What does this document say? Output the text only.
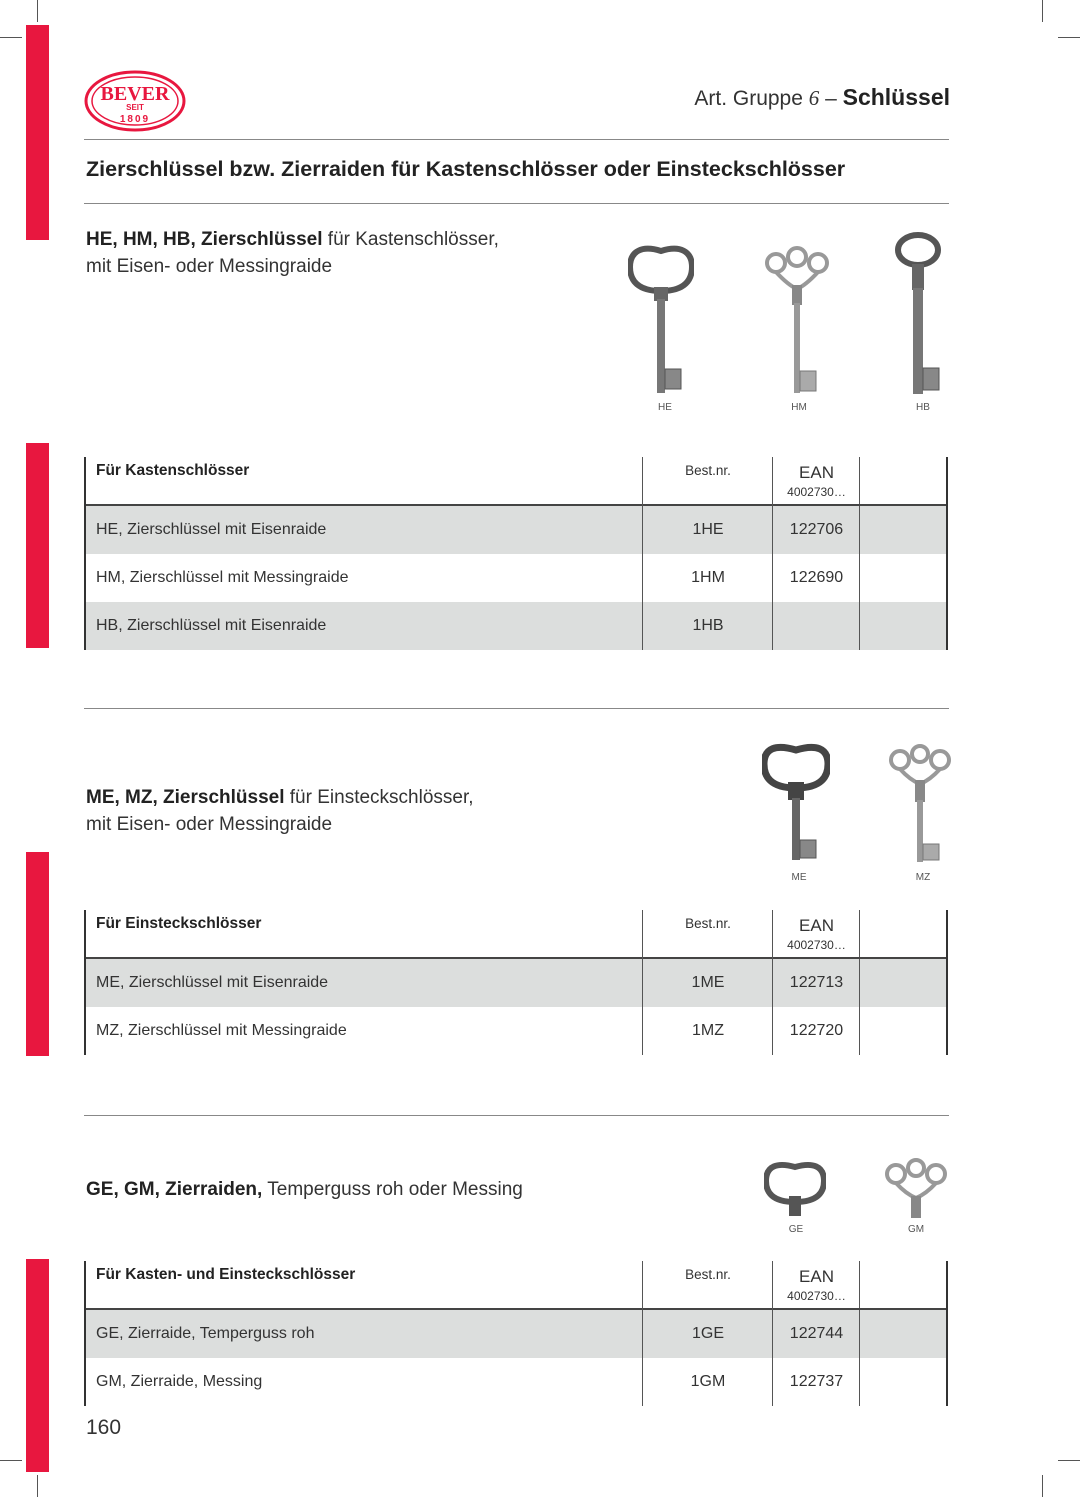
BEVER
SEIT
1809
Art. Gruppe 6 – Schlüssel
Zierschlüssel bzw. Zierraiden für Kastenschlösser oder Einsteckschlösser
HE, HM, HB, Zierschlüssel für Kastenschlösser,
mit Eisen- oder Messingraide
HE	HM	HB
Für Kastenschlösser	Best.nr.	EAN
4002730…
HE, Zierschlüssel mit Eisenraide	1HE	122706
HM, Zierschlüssel mit Messingraide	1HM	122690
HB, Zierschlüssel mit Eisenraide	1HB
ME, MZ, Zierschlüssel für Einsteckschlösser,
mit Eisen- oder Messingraide
ME	MZ
Für Einsteckschlösser	Best.nr.	EAN
4002730…
ME, Zierschlüssel mit Eisenraide	1ME	122713
MZ, Zierschlüssel mit Messingraide	1MZ	122720
GE, GM, Zierraiden, Temperguss roh oder Messing
GE	GM
Für Kasten- und Einsteckschlösser	Best.nr.	EAN
4002730…
GE, Zierraide, Temperguss roh	1GE	122744
GM, Zierraide, Messing	1GM	122737
160
